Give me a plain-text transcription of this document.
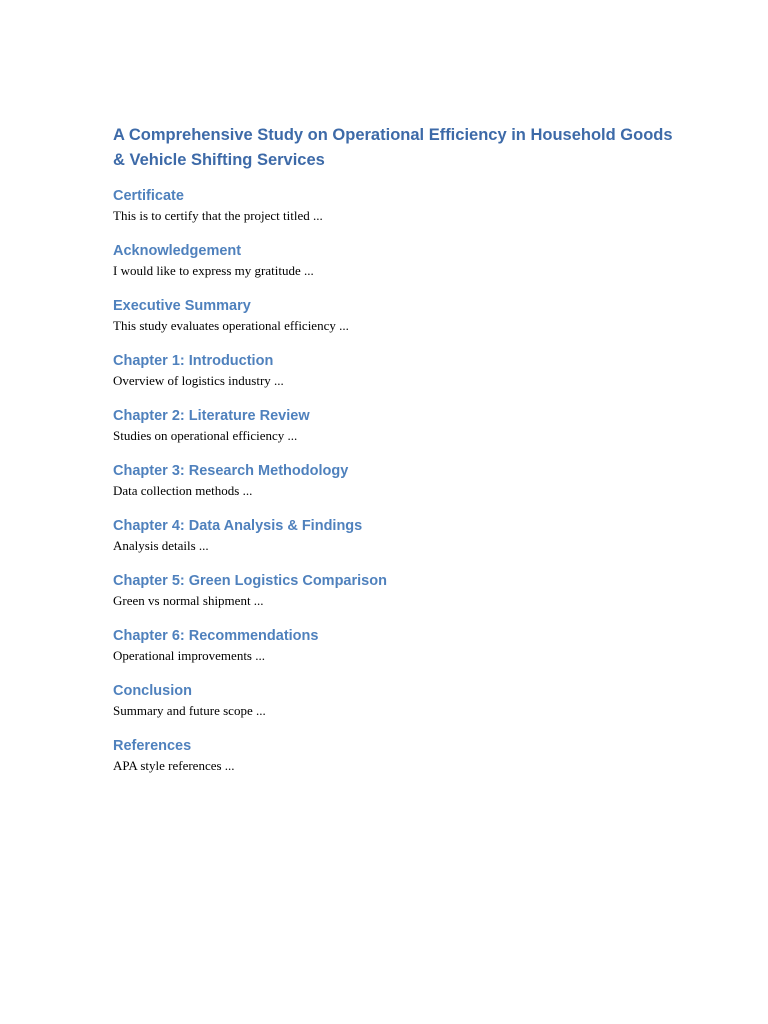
A Comprehensive Study on Operational Efficiency in Household Goods & Vehicle Shifting Services
Certificate

This is to certify that the project titled ...

Acknowledgement

I would like to express my gratitude ...

Executive Summary

This study evaluates operational efficiency ...

Chapter 1: Introduction

Overview of logistics industry ...

Chapter 2: Literature Review

Studies on operational efficiency ...

Chapter 3: Research Methodology

Data collection methods ...

Chapter 4: Data Analysis & Findings

Analysis details ...

Chapter 5: Green Logistics Comparison

Green vs normal shipment ...

Chapter 6: Recommendations

Operational improvements ...

Conclusion

Summary and future scope ...

References

APA style references ...
